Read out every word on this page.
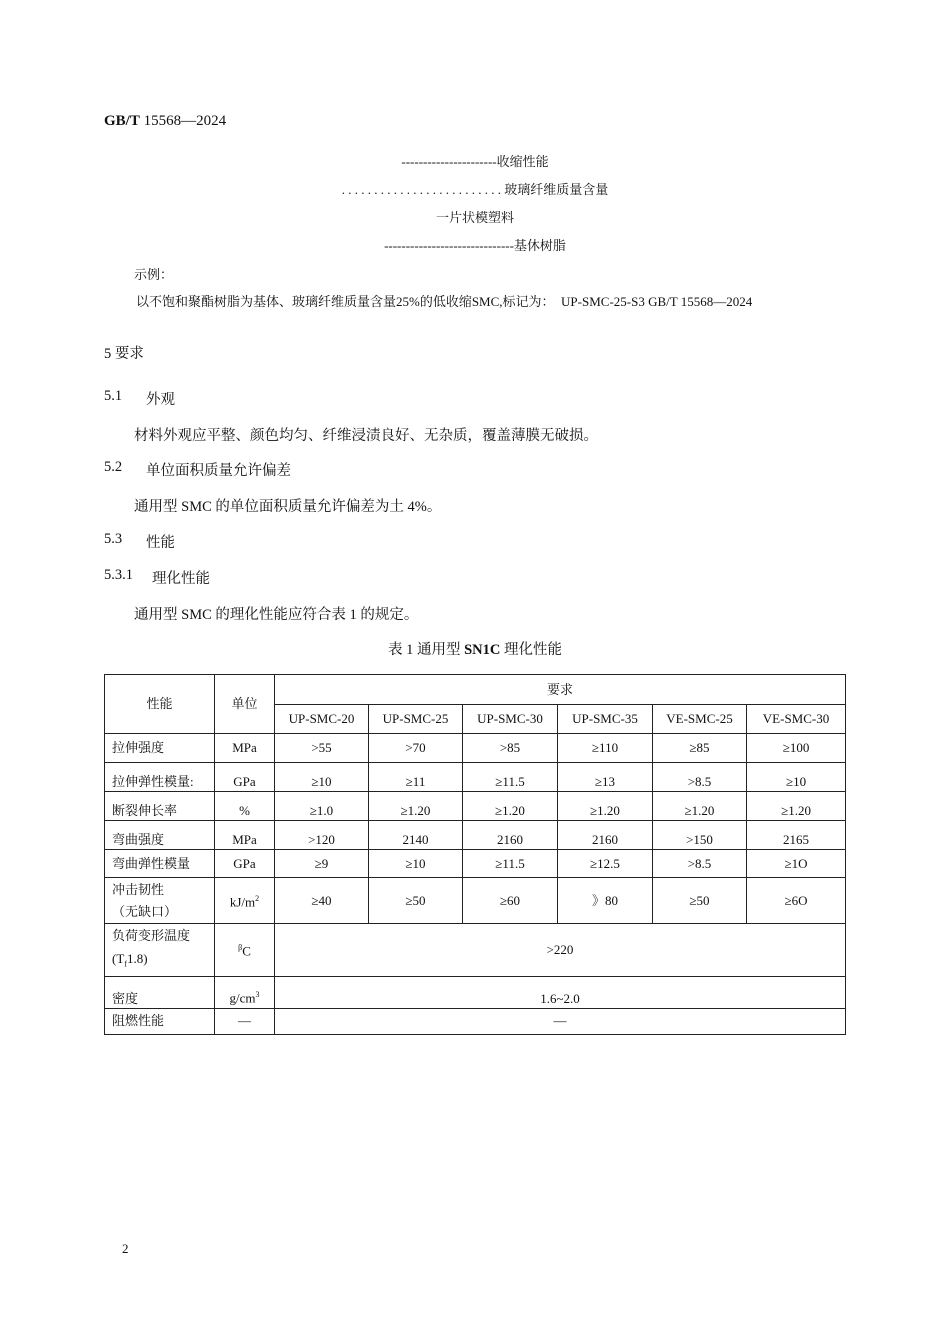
GB/T 15568—2024
----------------------收缩性能
. . . . . . . . . . . . . . . . . . . . . . . . . 玻璃纤维质量含量
一片状模塑料
------------------------------基休树脂
示例：
以不饱和聚酯树脂为基体、玻璃纤维质量含量25%的低收缩SMC,标记为：  UP-SMC-25-S3 GB/T 15568—2024
5 要求
5.1 外观
材料外观应平整、颜色均匀、纤维浸渍良好、无杂质，覆盖薄膜无破损。
5.2 单位面积质量允许偏差
通用型 SMC 的单位面积质量允许偏差为土 4%。
5.3 性能
5.3.1 理化性能
通用型 SMC 的理化性能应符合表 1 的规定。
表 1 通用型 SN1C 理化性能
性能	单位	要求					
		UP-SMC-20	UP-SMC-25	UP-SMC-30	UP-SMC-35	VE-SMC-25	VE-SMC-30
拉伸强度	MPa	>55	>70	>85	≥110	≥85	≥100
拉伸弹性模量:	GPa	≥10	≥11	≥11.5	≥13	>8.5	≥10
断裂伸长率	%	≥1.0	≥1.20	≥1.20	≥1.20	≥1.20	≥1.20
弯曲强度	MPa	>120	2140	2160	2160	>150	2165
弯曲弹性模量	GPa	≥9	≥10	≥11.5	≥12.5	>8.5	≥1O

冲击韧性
（无缺口）	$kJ/m^2$	≥40	≥50	≥60	》80	≥50	≥6O

负荷变形温度
$(T_f1.8)$	$^\beta$C	>220					
密度	$g/cm^3$	1.6~2.0					
阻燃性能	—	—					
2
